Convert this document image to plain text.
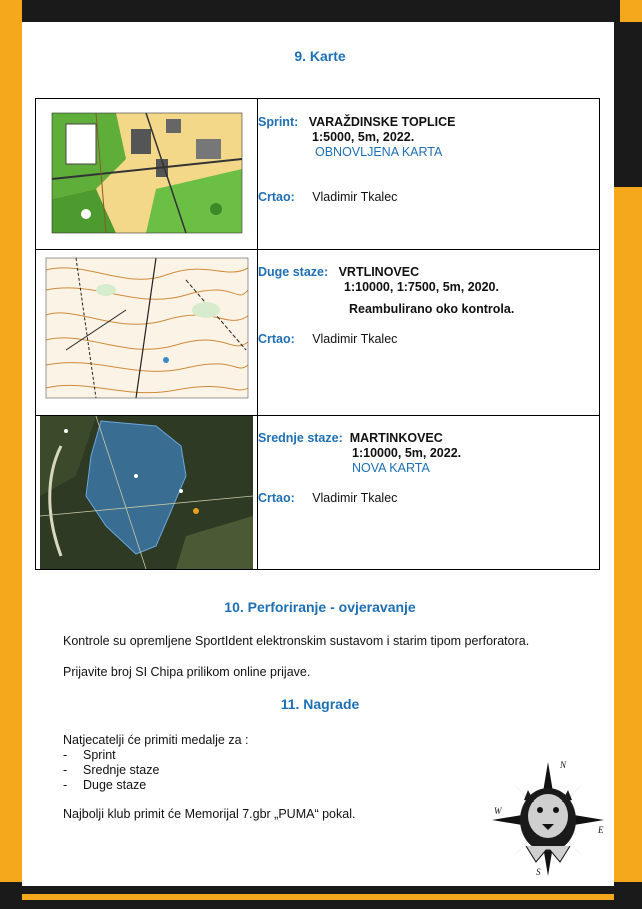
9. Karte

Sprint: VARAŽDINSKE TOPLICE
1:5000, 5m, 2022.
OBNOVLJENA KARTA
Crtao: Vladimir Tkalec

Duge staze: VRTLINOVEC
1:10000, 1:7500, 5m, 2020.
Reambulirano oko kontrola.
Crtao: Vladimir Tkalec

Srednje staze: MARTINKOVEC
1:10000, 5m, 2022.
NOVA KARTA
Crtao: Vladimir Tkalec
10. Perforiranje - ovjeravanje

Kontrole su opremljene SportIdent elektronskim sustavom i starim tipom perforatora.

Prijavite broj SI Chipa prilikom online prijave.

11. Nagrade
Natjecatelji će primiti medalje za :
- Sprint
- Srednje staze
- Duge staze

Najbolji klub primit će Memorijal 7.gbr „PUMA“ pokal.

N
E
S
W
